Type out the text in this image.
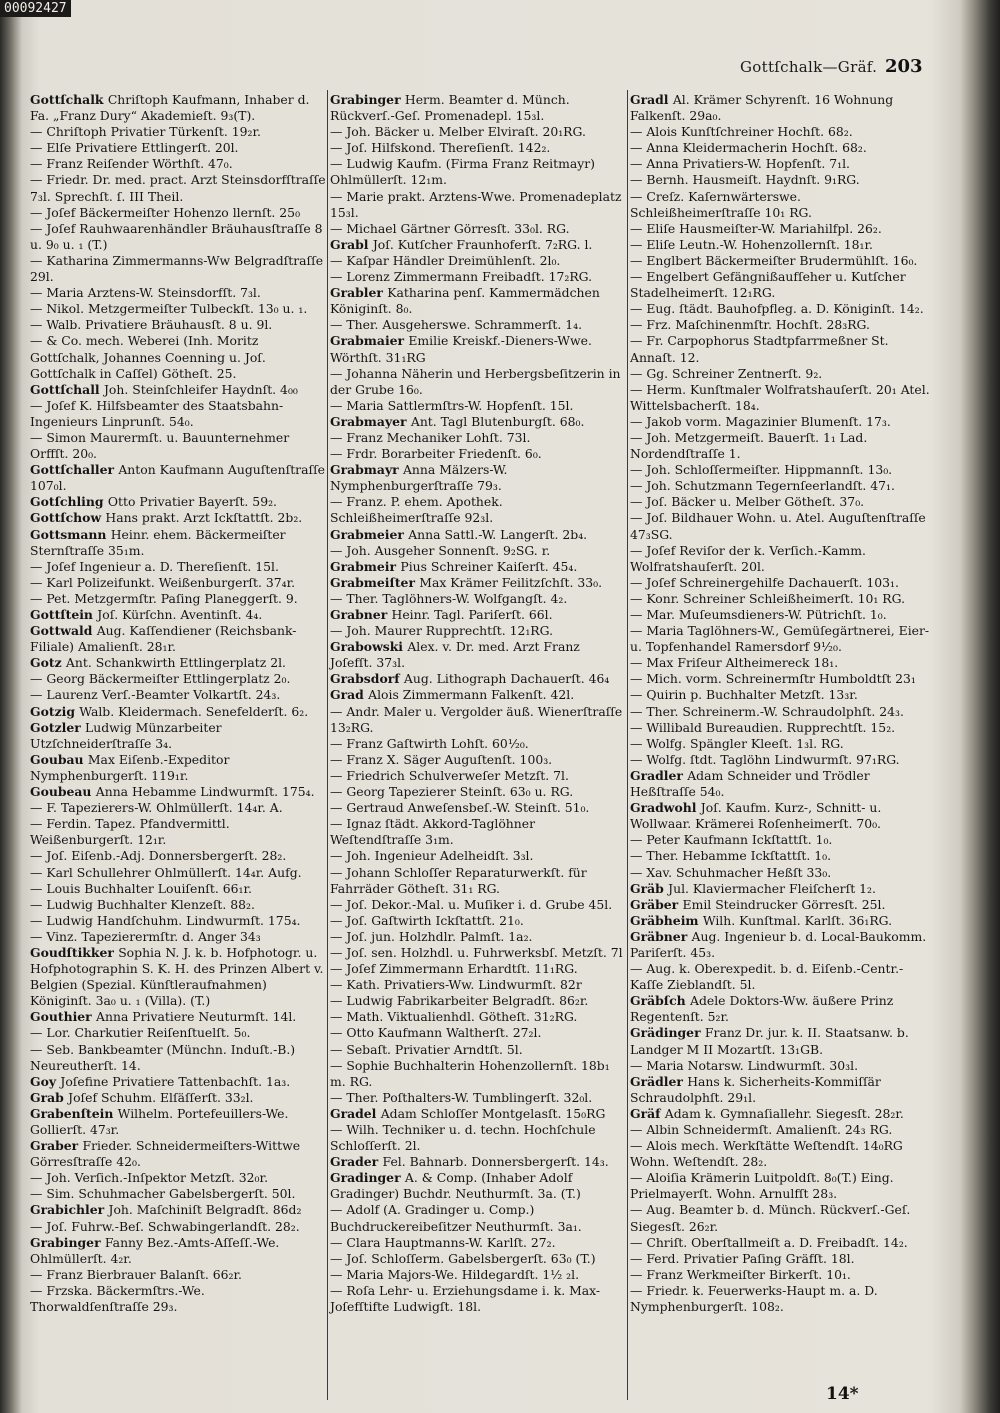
00092427
Gottſchalk—Gräf. 203
Gottſchalk Chriſtoph Kaufmann, Inhaber d. Fa. „Franz Dury“ Akademieſt. 9₃(T).
— Chriſtoph Privatier Türkenſt. 19₂r.
— Elſe Privatiere Ettlingerſt. 20l.
— Franz Reiſender Wörthſt. 47₀.
— Friedr. Dr. med. pract. Arzt Steinsdorfſtraſſe 7₃l. Sprechſt. ſ. III Theil.
— Joſef Bäckermeiſter Hohenzo llernſt. 25₀
— Joſef Rauhwaarenhändler Bräuhausſtraſſe 8 u. 9₀ u. ₁ (T.)
— Katharina Zimmermanns-Ww Belgradſtraſſe 29l.
— Maria Arztens-W. Steinsdorfſt. 7₃l.
— Nikol. Metzgermeiſter Tulbeckſt. 13₀ u. ₁.
— Walb. Privatiere Bräuhausſt. 8 u. 9l.
— & Co. mech. Weberei (Inh. Moritz Gottſchalk, Johannes Coenning u. Joſ. Gottſchalk in Caſſel) Götheſt. 25.
Gottſchall Joh. Steinſchleifer Haydnſt. 4₀₀
— Joſef K. Hilfsbeamter des Staatsbahn-Ingenieurs Linprunſt. 54₀.
— Simon Maurermſt. u. Bauunternehmer Orffſt. 20₀.
Gottſchaller Anton Kaufmann Auguſtenſtraſſe 107₀l.
Gotſchling Otto Privatier Bayerſt. 59₂.
Gottſchow Hans prakt. Arzt Ickſtattſt. 2b₂.
Gottsmann Heinr. ehem. Bäckermeiſter Sternſtraſſe 35₁m.
— Joſef Ingenieur a. D. Thereſienſt. 15l.
— Karl Polizeifunkt. Weißenburgerſt. 37₄r.
— Pet. Metzgermſtr. Paſing Planeggerſt. 9.
Gottſtein Joſ. Kürſchn. Aventinſt. 4₄.
Gottwald Aug. Kaſſendiener (Reichsbank-Filiale) Amalienſt. 28₁r.
Gotz Ant. Schankwirth Ettlingerplatz 2l.
— Georg Bäckermeiſter Ettlingerplatz 2₀.
— Laurenz Verſ.-Beamter Volkartſt. 24₃.
Gotzig Walb. Kleidermach. Senefelderſt. 6₂.
Gotzler Ludwig Münzarbeiter Utzſchneiderſtraſſe 3₄.
Goubau Max Eiſenb.-Expeditor Nymphenburgerſt. 119₁r.
Goubeau Anna Hebamme Lindwurmſt. 175₄.
— F. Tapezierers-W. Ohlmüllerſt. 14₄r. A.
— Ferdin. Tapez. Pfandvermittl. Weißenburgerſt. 12₁r.
— Joſ. Eiſenb.-Adj. Donnersbergerſt. 28₂.
— Karl Schullehrer Ohlmüllerſt. 14₄r. Aufg.
— Louis Buchhalter Louiſenſt. 66₁r.
— Ludwig Buchhalter Klenzeſt. 88₂.
— Ludwig Handſchuhm. Lindwurmſt. 175₄.
— Vinz. Tapezierermſtr. d. Anger 34₃
Goudſtikker Sophia N. J. k. b. Hofphotogr. u. Hofphotographin S. K. H. des Prinzen Albert v. Belgien (Spezial. Künſtleraufnahmen) Königinſt. 3a₀ u. ₁ (Villa). (T.)
Gouthier Anna Privatiere Neuturmſt. 14l.
— Lor. Charkutier Reiſenſtuelſt. 5₀.
— Seb. Bankbeamter (Münchn. Induſt.-B.) Neureutherſt. 14.
Goy Joſefine Privatiere Tattenbachſt. 1a₃.
Grab Joſef Schuhm. Elſäſſerſt. 33₂l.
Grabenſtein Wilhelm. Portefeuillers-We. Gollierſt. 47₃r.
Graber Frieder. Schneidermeiſters-Wittwe Görresſtraſſe 42₀.
— Joh. Verſich.-Inſpektor Metzſt. 32₀r.
— Sim. Schuhmacher Gabelsbergerſt. 50l.
Grabichler Joh. Maſchiniſt Belgradſt. 86d₂
— Joſ. Fuhrw.-Beſ. Schwabingerlandſt. 28₂.
Grabinger Fanny Bez.-Amts-Aſſeſſ.-We. Ohlmüllerſt. 4₂r.
— Franz Bierbrauer Balanſt. 66₂r.
— Frzska. Bäckermſtrs.-We. Thorwaldſenſtraſſe 29₃.
Grabinger Herm. Beamter d. Münch. Rückverſ.-Geſ. Promenadepl. 15₃l.
— Joh. Bäcker u. Melber Elviraſt. 20₁RG.
— Joſ. Hilfskond. Thereſienſt. 142₂.
— Ludwig Kaufm. (Firma Franz Reitmayr) Ohlmüllerſt. 12₁m.
— Marie prakt. Arztens-Wwe. Promenadeplatz 15₃l.
— Michael Gärtner Görresſt. 33₀l. RG.
Grabl Joſ. Kutſcher Fraunhoferſt. 7₂RG. l.
— Kaſpar Händler Dreimühlenſt. 2l₀.
— Lorenz Zimmermann Freibadſt. 17₂RG.
Grabler Katharina penſ. Kammermädchen Königinſt. 8₀.
— Ther. Ausgeherswe. Schrammerſt. 1₄.
Grabmaier Emilie Kreiskf.-Dieners-Wwe. Wörthſt. 31₁RG
— Johanna Näherin und Herbergsbeſitzerin in der Grube 16₀.
— Maria Sattlermſtrs-W. Hopfenſt. 15l.
Grabmayer Ant. Tagl Blutenburgſt. 68₀.
— Franz Mechaniker Lohſt. 73l.
— Frdr. Borarbeiter Friedenſt. 6₀.
Grabmayr Anna Mälzers-W. Nymphenburgerſtraſſe 79₃.
— Franz. P. ehem. Apothek. Schleißheimerſtraſſe 92₃l.
Grabmeier Anna Sattl.-W. Langerſt. 2b₄.
— Joh. Ausgeher Sonnenſt. 9₂SG. r.
Grabmeir Pius Schreiner Kaiſerſt. 45₄.
Grabmeiſter Max Krämer Feilitzſchſt. 33₀.
— Ther. Taglöhners-W. Wolfgangſt. 4₂.
Grabner Heinr. Tagl. Pariſerſt. 66l.
— Joh. Maurer Rupprechtſt. 12₁RG.
Grabowski Alex. v. Dr. med. Arzt Franz Joſefſt. 37₃l.
Grabsdorf Aug. Lithograph Dachauerſt. 46₄
Grad Alois Zimmermann Falkenſt. 42l.
— Andr. Maler u. Vergolder äuß. Wienerſtraſſe 13₂RG.
— Franz Gaſtwirth Lohſt. 60½₀.
— Franz X. Säger Auguſtenſt. 100₃.
— Friedrich Schulverweſer Metzſt. 7l.
— Georg Tapezierer Steinſt. 63₀ u. RG.
— Gertraud Anweſensbeſ.-W. Steinſt. 51₀.
— Ignaz ſtädt. Akkord-Taglöhner Weſtendſtraſſe 3₁m.
— Joh. Ingenieur Adelheidſt. 3₃l.
— Johann Schloſſer Reparaturwerkſt. für Fahrräder Götheſt. 31₁ RG.
— Joſ. Dekor.-Mal. u. Muſiker i. d. Grube 45l.
— Joſ. Gaſtwirth Ickſtattſt. 21₀.
— Joſ. jun. Holzhdlr. Palmſt. 1a₂.
— Joſ. sen. Holzhdl. u. Fuhrwerksbſ. Metzſt. 7l
— Joſef Zimmermann Erhardtſt. 11₁RG.
— Kath. Privatiers-Ww. Lindwurmſt. 82r
— Ludwig Fabrikarbeiter Belgradſt. 86₂r.
— Math. Viktualienhdl. Götheſt. 31₂RG.
— Otto Kaufmann Waltherſt. 27₂l.
— Sebaſt. Privatier Arndtſt. 5l.
— Sophie Buchhalterin Hohenzollernſt. 18b₁ m. RG.
— Ther. Poſthalters-W. Tumblingerſt. 32₀l.
Gradel Adam Schloſſer Montgelasſt. 15₀RG
— Wilh. Techniker u. d. techn. Hochſchule Schloſſerſt. 2l.
Grader Fel. Bahnarb. Donnersbergerſt. 14₃.
Gradinger A. & Comp. (Inhaber Adolf Gradinger) Buchdr. Neuthurmſt. 3a. (T.)
— Adolf (A. Gradinger u. Comp.) Buchdruckereibeſitzer Neuthurmſt. 3a₁.
— Clara Hauptmanns-W. Karlſt. 27₂.
— Joſ. Schloſſerm. Gabelsbergerſt. 63₀ (T.)
— Maria Majors-We. Hildegardſt. 1½ ₂l.
— Roſa Lehr- u. Erziehungsdame i. k. Max-Joſefſtifte Ludwigſt. 18l.
Gradl Al. Krämer Schyrenſt. 16 Wohnung Falkenſt. 29a₀.
— Alois Kunſtſchreiner Hochſt. 68₂.
— Anna Kleidermacherin Hochſt. 68₂.
— Anna Privatiers-W. Hopfenſt. 7₁l.
— Bernh. Hausmeiſt. Haydnſt. 9₁RG.
— Creſz. Kaſernwärterswe. Schleißheimerſtraſſe 10₁ RG.
— Eliſe Hausmeiſter-W. Mariahilfpl. 26₂.
— Eliſe Leutn.-W. Hohenzollernſt. 18₁r.
— Englbert Bäckermeiſter Brudermühlſt. 16₀.
— Engelbert Gefängnißaufſeher u. Kutſcher Stadelheimerſt. 12₁RG.
— Eug. ſtädt. Bauhofpfleg. a. D. Königinſt. 14₂.
— Frz. Maſchinenmſtr. Hochſt. 28₃RG.
— Fr. Carpophorus Stadtpfarrmeßner St. Annaſt. 12.
— Gg. Schreiner Zentnerſt. 9₂.
— Herm. Kunſtmaler Wolfratshauſerſt. 20₁ Atel. Wittelsbacherſt. 18₄.
— Jakob vorm. Magazinier Blumenſt. 17₃.
— Joh. Metzgermeiſt. Bauerſt. 1₁ Lad. Nordendſtraſſe 1.
— Joh. Schloſſermeiſter. Hippmannſt. 13₀.
— Joh. Schutzmann Tegernſeerlandſt. 47₁.
— Joſ. Bäcker u. Melber Götheſt. 37₀.
— Joſ. Bildhauer Wohn. u. Atel. Auguſtenſtraſſe 47₃SG.
— Joſef Reviſor der k. Verſich.-Kamm. Wolfratshauſerſt. 20l.
— Joſef Schreinergehilfe Dachauerſt. 103₁.
— Konr. Schreiner Schleißheimerſt. 10₁ RG.
— Mar. Muſeumsdieners-W. Pütrichſt. 1₀.
— Maria Taglöhners-W., Gemüſegärtnerei, Eier- u. Topfenhandel Ramersdorf 9½₀.
— Max Friſeur Altheimereck 18₁.
— Mich. vorm. Schreinermſtr Humboldtſt 23₁
— Quirin p. Buchhalter Metzſt. 13₃r.
— Ther. Schreinerm.-W. Schraudolphſt. 24₃.
— Willibald Bureaudien. Rupprechtſt. 15₂.
— Wolfg. Spängler Kleeſt. 1₃l. RG.
— Wolfg. ſtdt. Taglöhn Lindwurmſt. 97₁RG.
Gradler Adam Schneider und Trödler Heßſtraſſe 54₀.
Gradwohl Joſ. Kaufm. Kurz-, Schnitt- u. Wollwaar. Krämerei Roſenheimerſt. 70₀.
— Peter Kaufmann Ickſtattſt. 1₀.
— Ther. Hebamme Ickſtattſt. 1₀.
— Xav. Schuhmacher Heßſt 33₀.
Gräb Jul. Klaviermacher Fleiſcherſt 1₂.
Gräber Emil Steindrucker Görresſt. 25l.
Gräbheim Wilh. Kunſtmal. Karlſt. 36₁RG.
Gräbner Aug. Ingenieur b. d. Local-Baukomm. Pariſerſt. 45₃.
— Aug. k. Oberexpedit. b. d. Eiſenb.-Centr.-Kaſſe Zieblandſt. 5l.
Gräbſch Adele Doktors-Ww. äußere Prinz Regentenſt. 5₂r.
Grädinger Franz Dr. jur. k. II. Staatsanw. b. Landger M II Mozartſt. 13₁GB.
— Maria Notarsw. Lindwurmſt. 30₃l.
Grädler Hans k. Sicherheits-Kommiſſär Schraudolphſt. 29₁l.
Gräf Adam k. Gymnaſiallehr. Siegesſt. 28₂r.
— Albin Schneidermſt. Amalienſt. 24₃ RG.
— Alois mech. Werkſtätte Weſtendſt. 14₀RG Wohn. Weſtendſt. 28₂.
— Aloiſia Krämerin Luitpoldſt. 8₀(T.) Eing. Prielmayerſt. Wohn. Arnulfſt 28₃.
— Aug. Beamter b. d. Münch. Rückverſ.-Geſ. Siegesſt. 26₂r.
— Chriſt. Oberſtallmeiſt a. D. Freibadſt. 14₂.
— Ferd. Privatier Paſing Gräfſt. 18l.
— Franz Werkmeiſter Birkerſt. 10₁.
— Friedr. k. Feuerwerks-Haupt m. a. D. Nymphenburgerſt. 108₂.
14*
